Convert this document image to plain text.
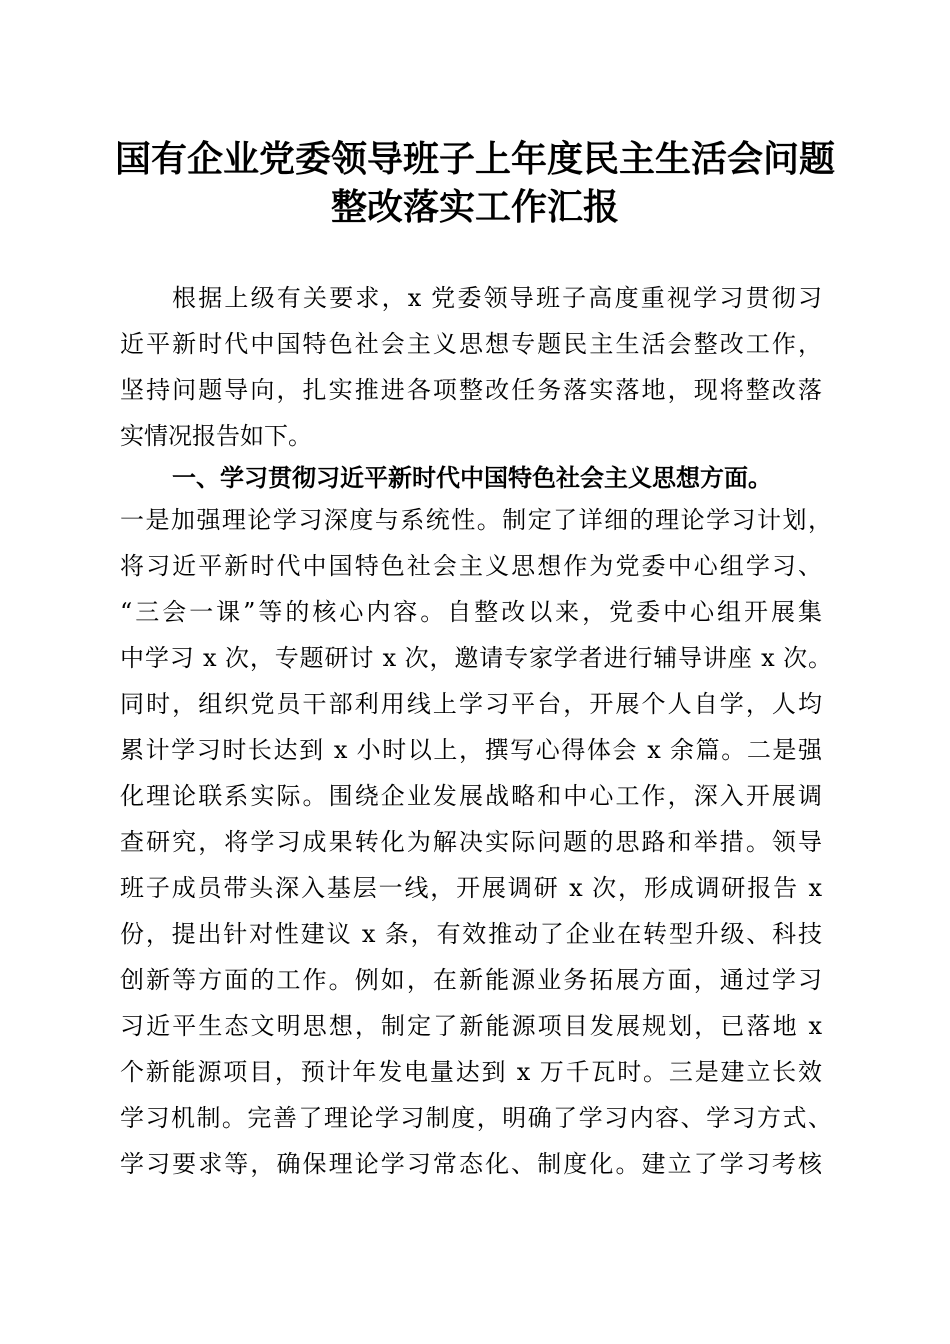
国有企业党委领导班子上年度民主生活会问题
整改落实工作汇报

根据上级有关要求，x 党委领导班子高度重视学习贯彻习

近平新时代中国特色社会主义思想专题民主生活会整改工作，

坚持问题导向，扎实推进各项整改任务落实落地，现将整改落

实情况报告如下。

一、学习贯彻习近平新时代中国特色社会主义思想方面。

一是加强理论学习深度与系统性。制定了详细的理论学习计划，

将习近平新时代中国特色社会主义思想作为党委中心组学习、

“三会一课”等的核心内容。自整改以来，党委中心组开展集

中学习 x 次，专题研讨 x 次，邀请专家学者进行辅导讲座 x 次。

同时，组织党员干部利用线上学习平台，开展个人自学，人均

累计学习时长达到 x 小时以上，撰写心得体会 x 余篇。二是强

化理论联系实际。围绕企业发展战略和中心工作，深入开展调

查研究，将学习成果转化为解决实际问题的思路和举措。领导

班子成员带头深入基层一线，开展调研 x 次，形成调研报告 x

份，提出针对性建议 x 条，有效推动了企业在转型升级、科技

创新等方面的工作。例如，在新能源业务拓展方面，通过学习

习近平生态文明思想，制定了新能源项目发展规划，已落地 x

个新能源项目，预计年发电量达到 x 万千瓦时。三是建立长效

学习机制。完善了理论学习制度，明确了学习内容、学习方式、

学习要求等，确保理论学习常态化、制度化。建立了学习考核
